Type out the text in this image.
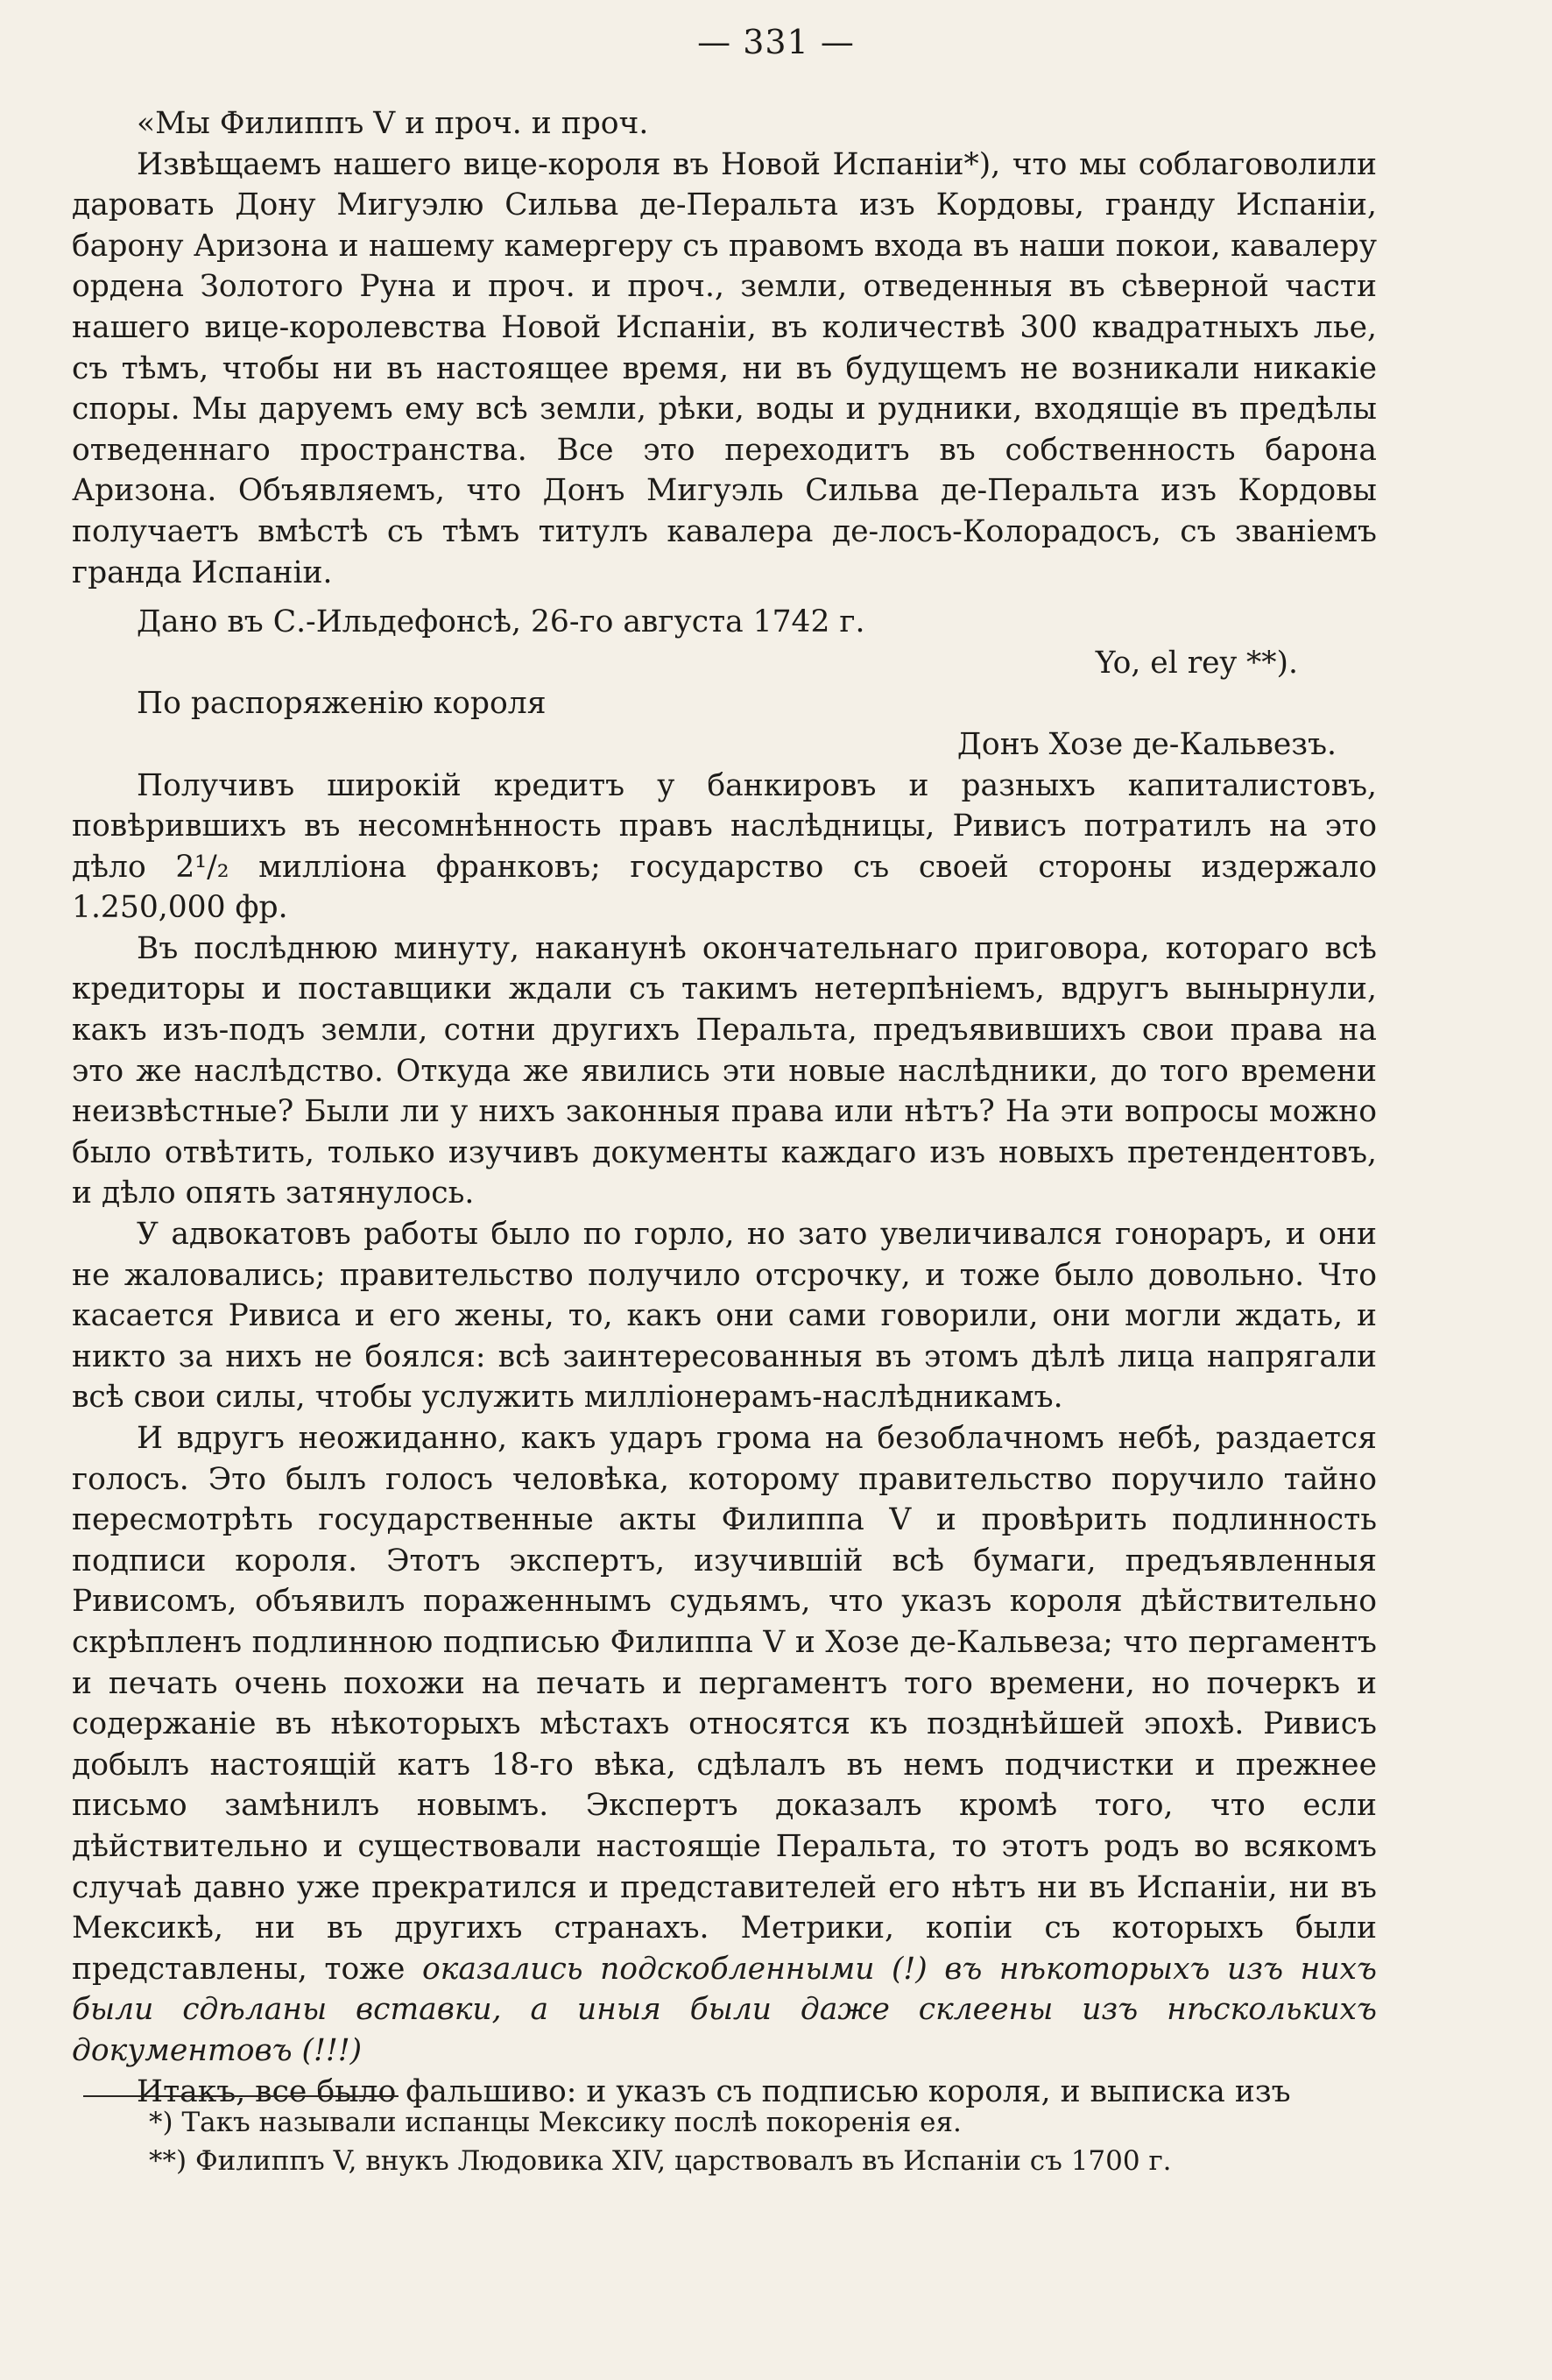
— 331 —

«Мы Филиппъ V и проч. и проч.

Извѣщаемъ нашего вице-короля въ Новой Испаніи*), что мы соблаговолили даровать Дону Мигуэлю Сильва де-Перальта изъ Кордовы, гранду Испаніи, барону Аризона и нашему камергеру съ правомъ входа въ наши покои, кавалеру ордена Золотого Руна и проч. и проч., земли, отведенныя въ сѣверной части нашего вице-королевства Новой Испаніи, въ количествѣ 300 квадратныхъ лье, съ тѣмъ, чтобы ни въ настоящее время, ни въ будущемъ не возникали никакіе споры. Мы даруемъ ему всѣ земли, рѣки, воды и рудники, входящіе въ предѣлы отведеннаго пространства. Все это переходитъ въ собственность барона Аризона. Объявляемъ, что Донъ Мигуэль Сильва де-Перальта изъ Кордовы получаетъ вмѣстѣ съ тѣмъ титулъ кавалера де-лосъ-Колорадосъ, съ званіемъ гранда Испаніи.

Дано въ С.-Ильдефонсѣ, 26-го августа 1742 г.

Yo, el rey **).

По распоряженію короля

Донъ Хозе де-Кальвезъ.

Получивъ широкій кредитъ у банкировъ и разныхъ капиталистовъ, повѣрившихъ въ несомнѣнность правъ наслѣдницы, Ривисъ потратилъ на это дѣло 2¹/₂ милліона франковъ; государство съ своей стороны издержало 1.250,000 фр.

Въ послѣднюю минуту, наканунѣ окончательнаго приговора, котораго всѣ кредиторы и поставщики ждали съ такимъ нетерпѣніемъ, вдругъ вынырнули, какъ изъ-подъ земли, сотни другихъ Перальта, предъявившихъ свои права на это же наслѣдство. Откуда же явились эти новые наслѣдники, до того времени неизвѣстные? Были ли у нихъ законныя права или нѣтъ? На эти вопросы можно было отвѣтить, только изучивъ документы каждаго изъ новыхъ претендентовъ, и дѣло опять затянулось.

У адвокатовъ работы было по горло, но зато увеличивался гонораръ, и они не жаловались; правительство получило отсрочку, и тоже было довольно. Что касается Ривиса и его жены, то, какъ они сами говорили, они могли ждать, и никто за нихъ не боялся: всѣ заинтересованныя въ этомъ дѣлѣ лица напрягали всѣ свои силы, чтобы услужить милліонерамъ-наслѣдникамъ.

И вдругъ неожиданно, какъ ударъ грома на безоблачномъ небѣ, раздается голосъ. Это былъ голосъ человѣка, которому правительство поручило тайно пересмотрѣть государственные акты Филиппа V и провѣрить подлинность подписи короля. Этотъ экспертъ, изучившій всѣ бумаги, предъявленныя Ривисомъ, объявилъ пораженнымъ судьямъ, что указъ короля дѣйствительно скрѣпленъ подлинною подписью Филиппа V и Хозе де-Кальвеза; что пергаментъ и печать очень похожи на печать и пергаментъ того времени, но почеркъ и содержаніе въ нѣкоторыхъ мѣстахъ относятся къ позднѣйшей эпохѣ. Ривисъ добылъ настоящій катъ 18-го вѣка, сдѣлалъ въ немъ подчистки и прежнее письмо замѣнилъ новымъ. Экспертъ доказалъ кромѣ того, что если дѣйствительно и существовали настоящіе Перальта, то этотъ родъ во всякомъ случаѣ давно уже прекратился и представителей его нѣтъ ни въ Испаніи, ни въ Мексикѣ, ни въ другихъ странахъ. Метрики, копіи съ которыхъ были представлены, тоже оказались подскобленными (!) въ нѣкоторыхъ изъ нихъ были сдѣланы вставки, а иныя были даже склеены изъ нѣсколькихъ документовъ (!!!)

Итакъ, все было фальшиво: и указъ съ подписью короля, и выписка изъ

*) Такъ называли испанцы Мексику послѣ покоренія ея.

**) Филиппъ V, внукъ Людовика XIV, царствовалъ въ Испаніи съ 1700 г.
